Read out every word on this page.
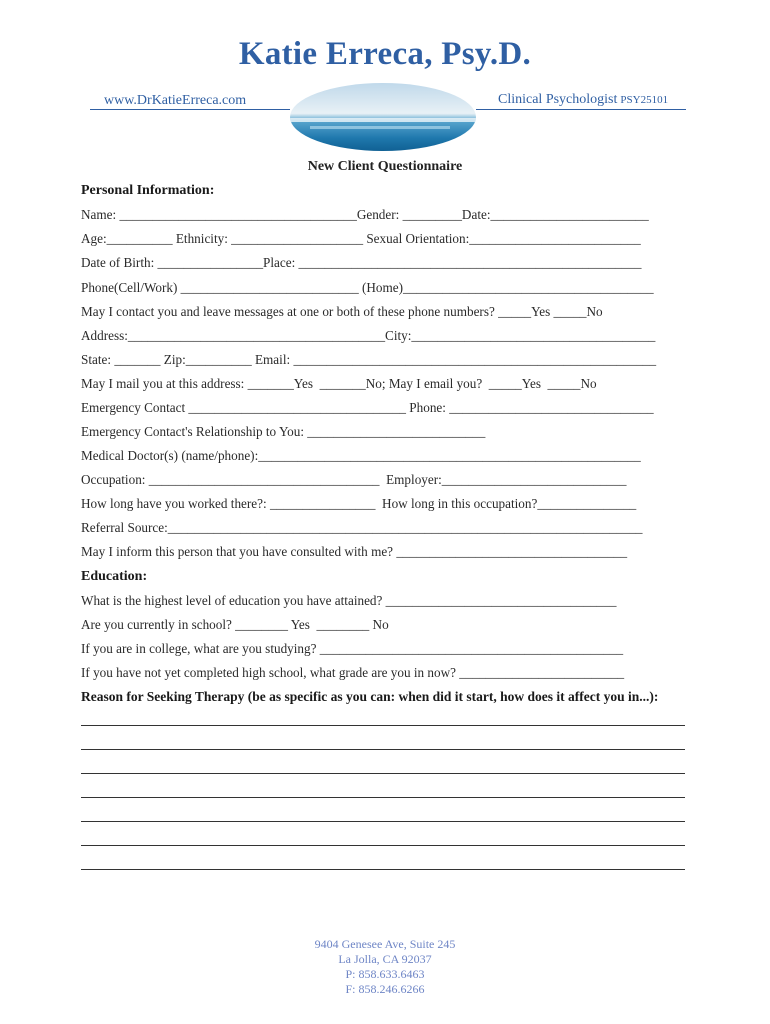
Katie Erreca, Psy.D.
www.DrKatieErreca.com	Clinical Psychologist PSY25101
New Client Questionnaire
Personal Information:
Name: ____________________________________Gender: _________Date:________________________
Age:__________ Ethnicity: ____________________ Sexual Orientation:__________________________
Date of Birth: ________________Place: ____________________________________________________
Phone(Cell/Work) ___________________________ (Home)______________________________________
May I contact you and leave messages at one or both of these phone numbers? _____Yes _____No
Address:_______________________________________City:_____________________________________
State: _______ Zip:__________ Email: _______________________________________________________
May I mail you at this address: _______Yes  _______No; May I email you?  _____Yes  _____No
Emergency Contact _________________________________ Phone: _______________________________
Emergency Contact's Relationship to You: ___________________________
Medical Doctor(s) (name/phone):__________________________________________________________
Occupation: ___________________________________  Employer:____________________________
How long have you worked there?: ________________  How long in this occupation?_______________
Referral Source:________________________________________________________________________
May I inform this person that you have consulted with me? ___________________________________
Education:
What is the highest level of education you have attained? ___________________________________
Are you currently in school? ________ Yes  ________ No
If you are in college, what are you studying? ______________________________________________
If you have not yet completed high school, what grade are you in now? _________________________
Reason for Seeking Therapy (be as specific as you can: when did it start, how does it affect you in...):
9404 Genesee Ave, Suite 245
La Jolla, CA 92037
P: 858.633.6463
F: 858.246.6266
